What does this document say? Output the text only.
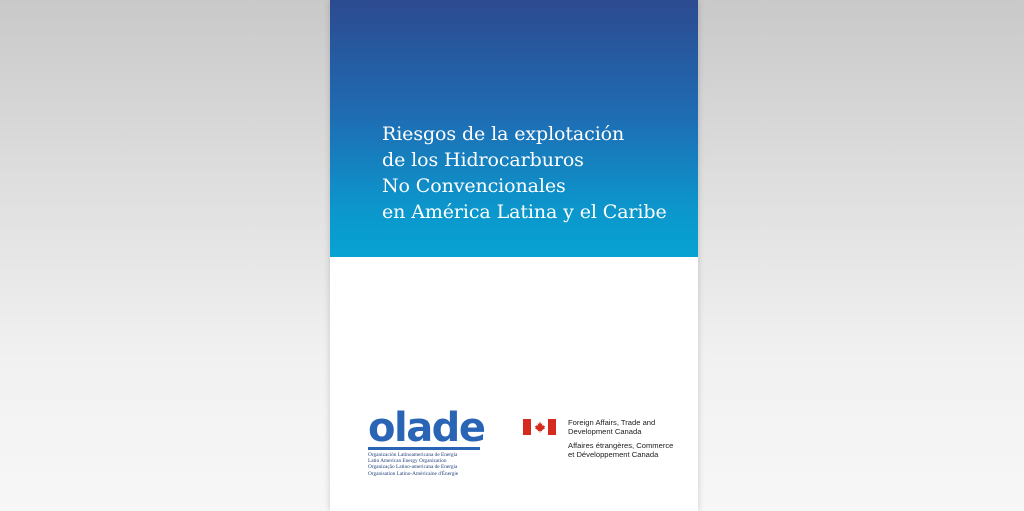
Riesgos de la explotación
de los Hidrocarburos
No Convencionales
en América Latina y el Caribe
olade
Organización Latinoamericana de Energía
Latin American Energy Organization
Organização Latino-americana de Energia
Organisation Latino-Américaine d'Énergie
Foreign Affairs, Trade and
Development Canada
Affaires étrangères, Commerce
et Développement Canada
